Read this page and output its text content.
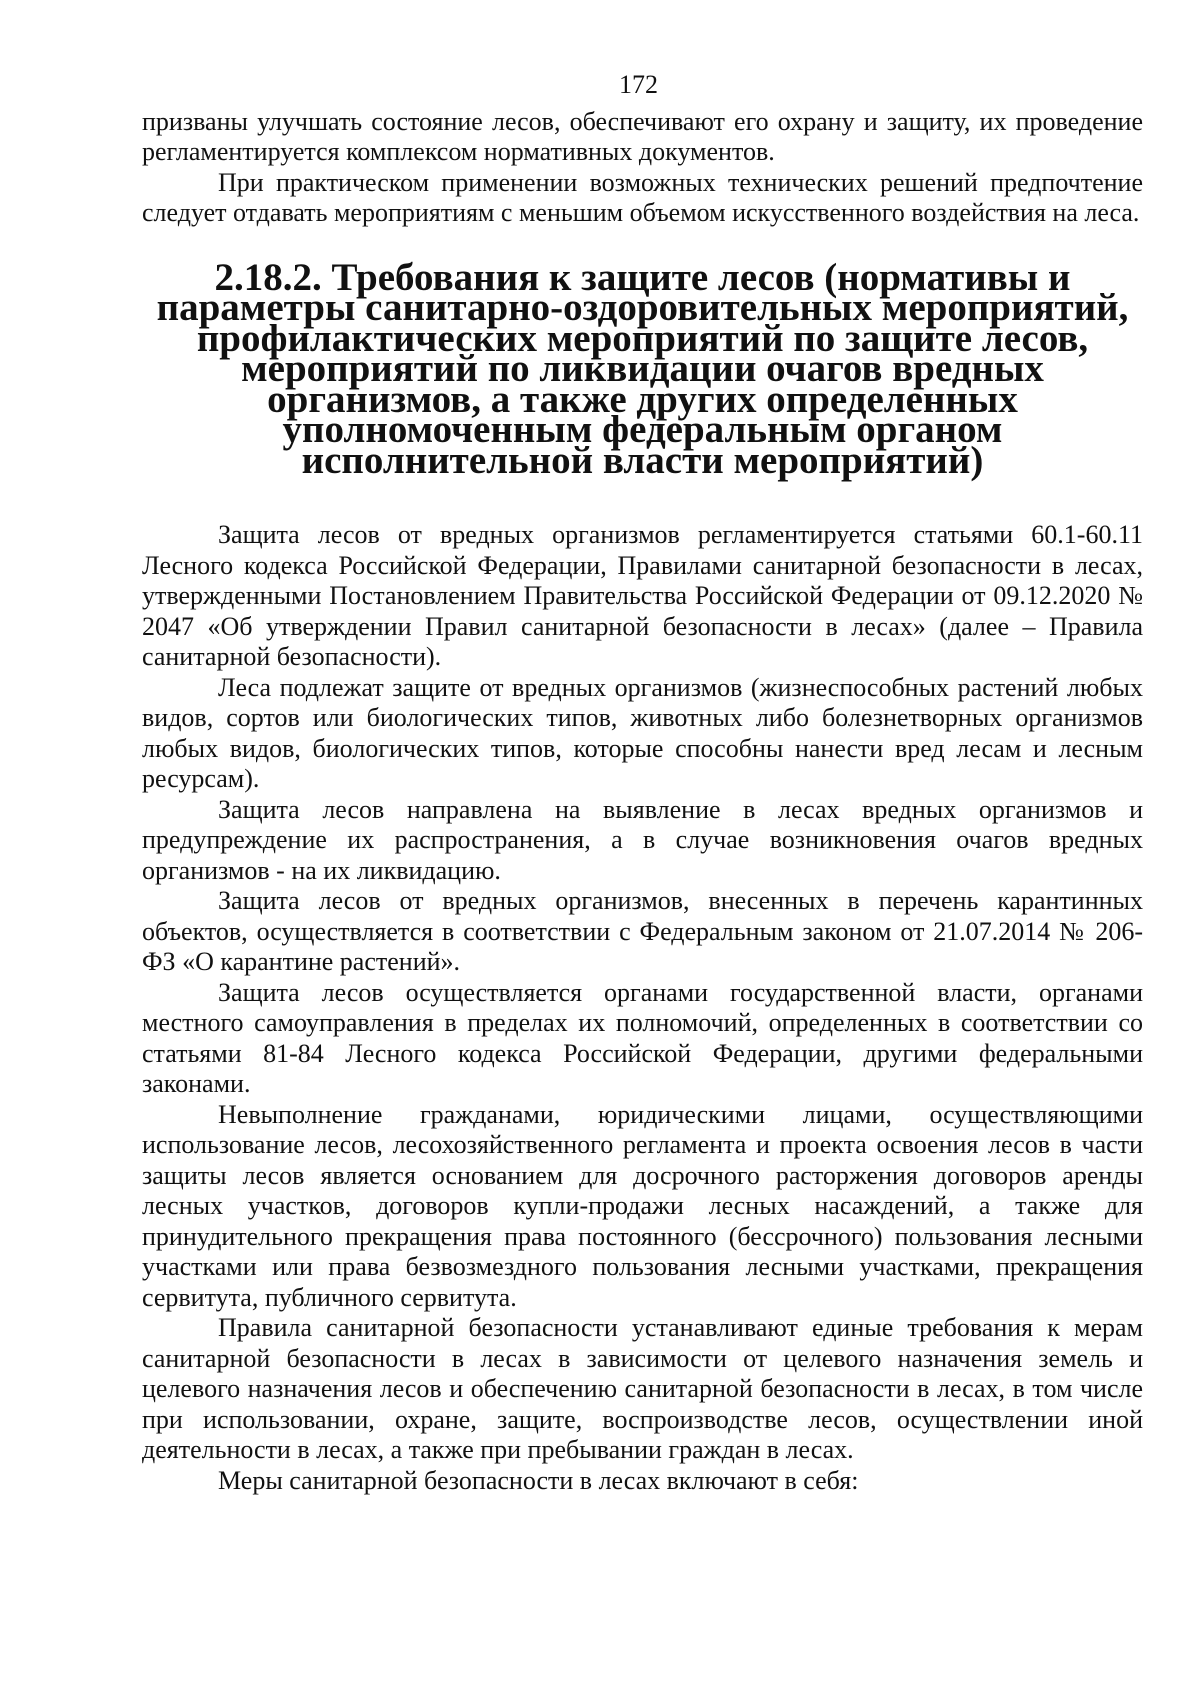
172

призваны улучшать состояние лесов, обеспечивают его охрану и защиту, их проведение регламентируется комплексом нормативных документов.

При практическом применении возможных технических решений предпочтение следует отдавать мероприятиям с меньшим объемом искусственного воздействия на леса.

2.18.2. Требования к защите лесов (нормативы и параметры санитарно-оздоровительных мероприятий, профилактических мероприятий по защите лесов, мероприятий по ликвидации очагов вредных организмов, а также других определенных уполномоченным федеральным органом исполнительной власти мероприятий)

Защита лесов от вредных организмов регламентируется статьями 60.1-60.11 Лесного кодекса Российской Федерации, Правилами санитарной безопасности в лесах, утвержденными Постановлением Правительства Российской Федерации от 09.12.2020 № 2047 «Об утверждении Правил санитарной безопасности в лесах» (далее – Правила санитарной безопасности).

Леса подлежат защите от вредных организмов (жизнеспособных растений любых видов, сортов или биологических типов, животных либо болезнетворных организмов любых видов, биологических типов, которые способны нанести вред лесам и лесным ресурсам).

Защита лесов направлена на выявление в лесах вредных организмов и предупреждение их распространения, а в случае возникновения очагов вредных организмов - на их ликвидацию.

Защита лесов от вредных организмов, внесенных в перечень карантинных объектов, осуществляется в соответствии с Федеральным законом от 21.07.2014 № 206-ФЗ «О карантине растений».

Защита лесов осуществляется органами государственной власти, органами местного самоуправления в пределах их полномочий, определенных в соответствии со статьями 81-84 Лесного кодекса Российской Федерации, другими федеральными законами.

Невыполнение гражданами, юридическими лицами, осуществляющими использование лесов, лесохозяйственного регламента и проекта освоения лесов в части защиты лесов является основанием для досрочного расторжения договоров аренды лесных участков, договоров купли-продажи лесных насаждений, а также для принудительного прекращения права постоянного (бессрочного) пользования лесными участками или права безвозмездного пользования лесными участками, прекращения сервитута, публичного сервитута.

Правила санитарной безопасности устанавливают единые требования к мерам санитарной безопасности в лесах в зависимости от целевого назначения земель и целевого назначения лесов и обеспечению санитарной безопасности в лесах, в том числе при использовании, охране, защите, воспроизводстве лесов, осуществлении иной деятельности в лесах, а также при пребывании граждан в лесах.

Меры санитарной безопасности в лесах включают в себя:
